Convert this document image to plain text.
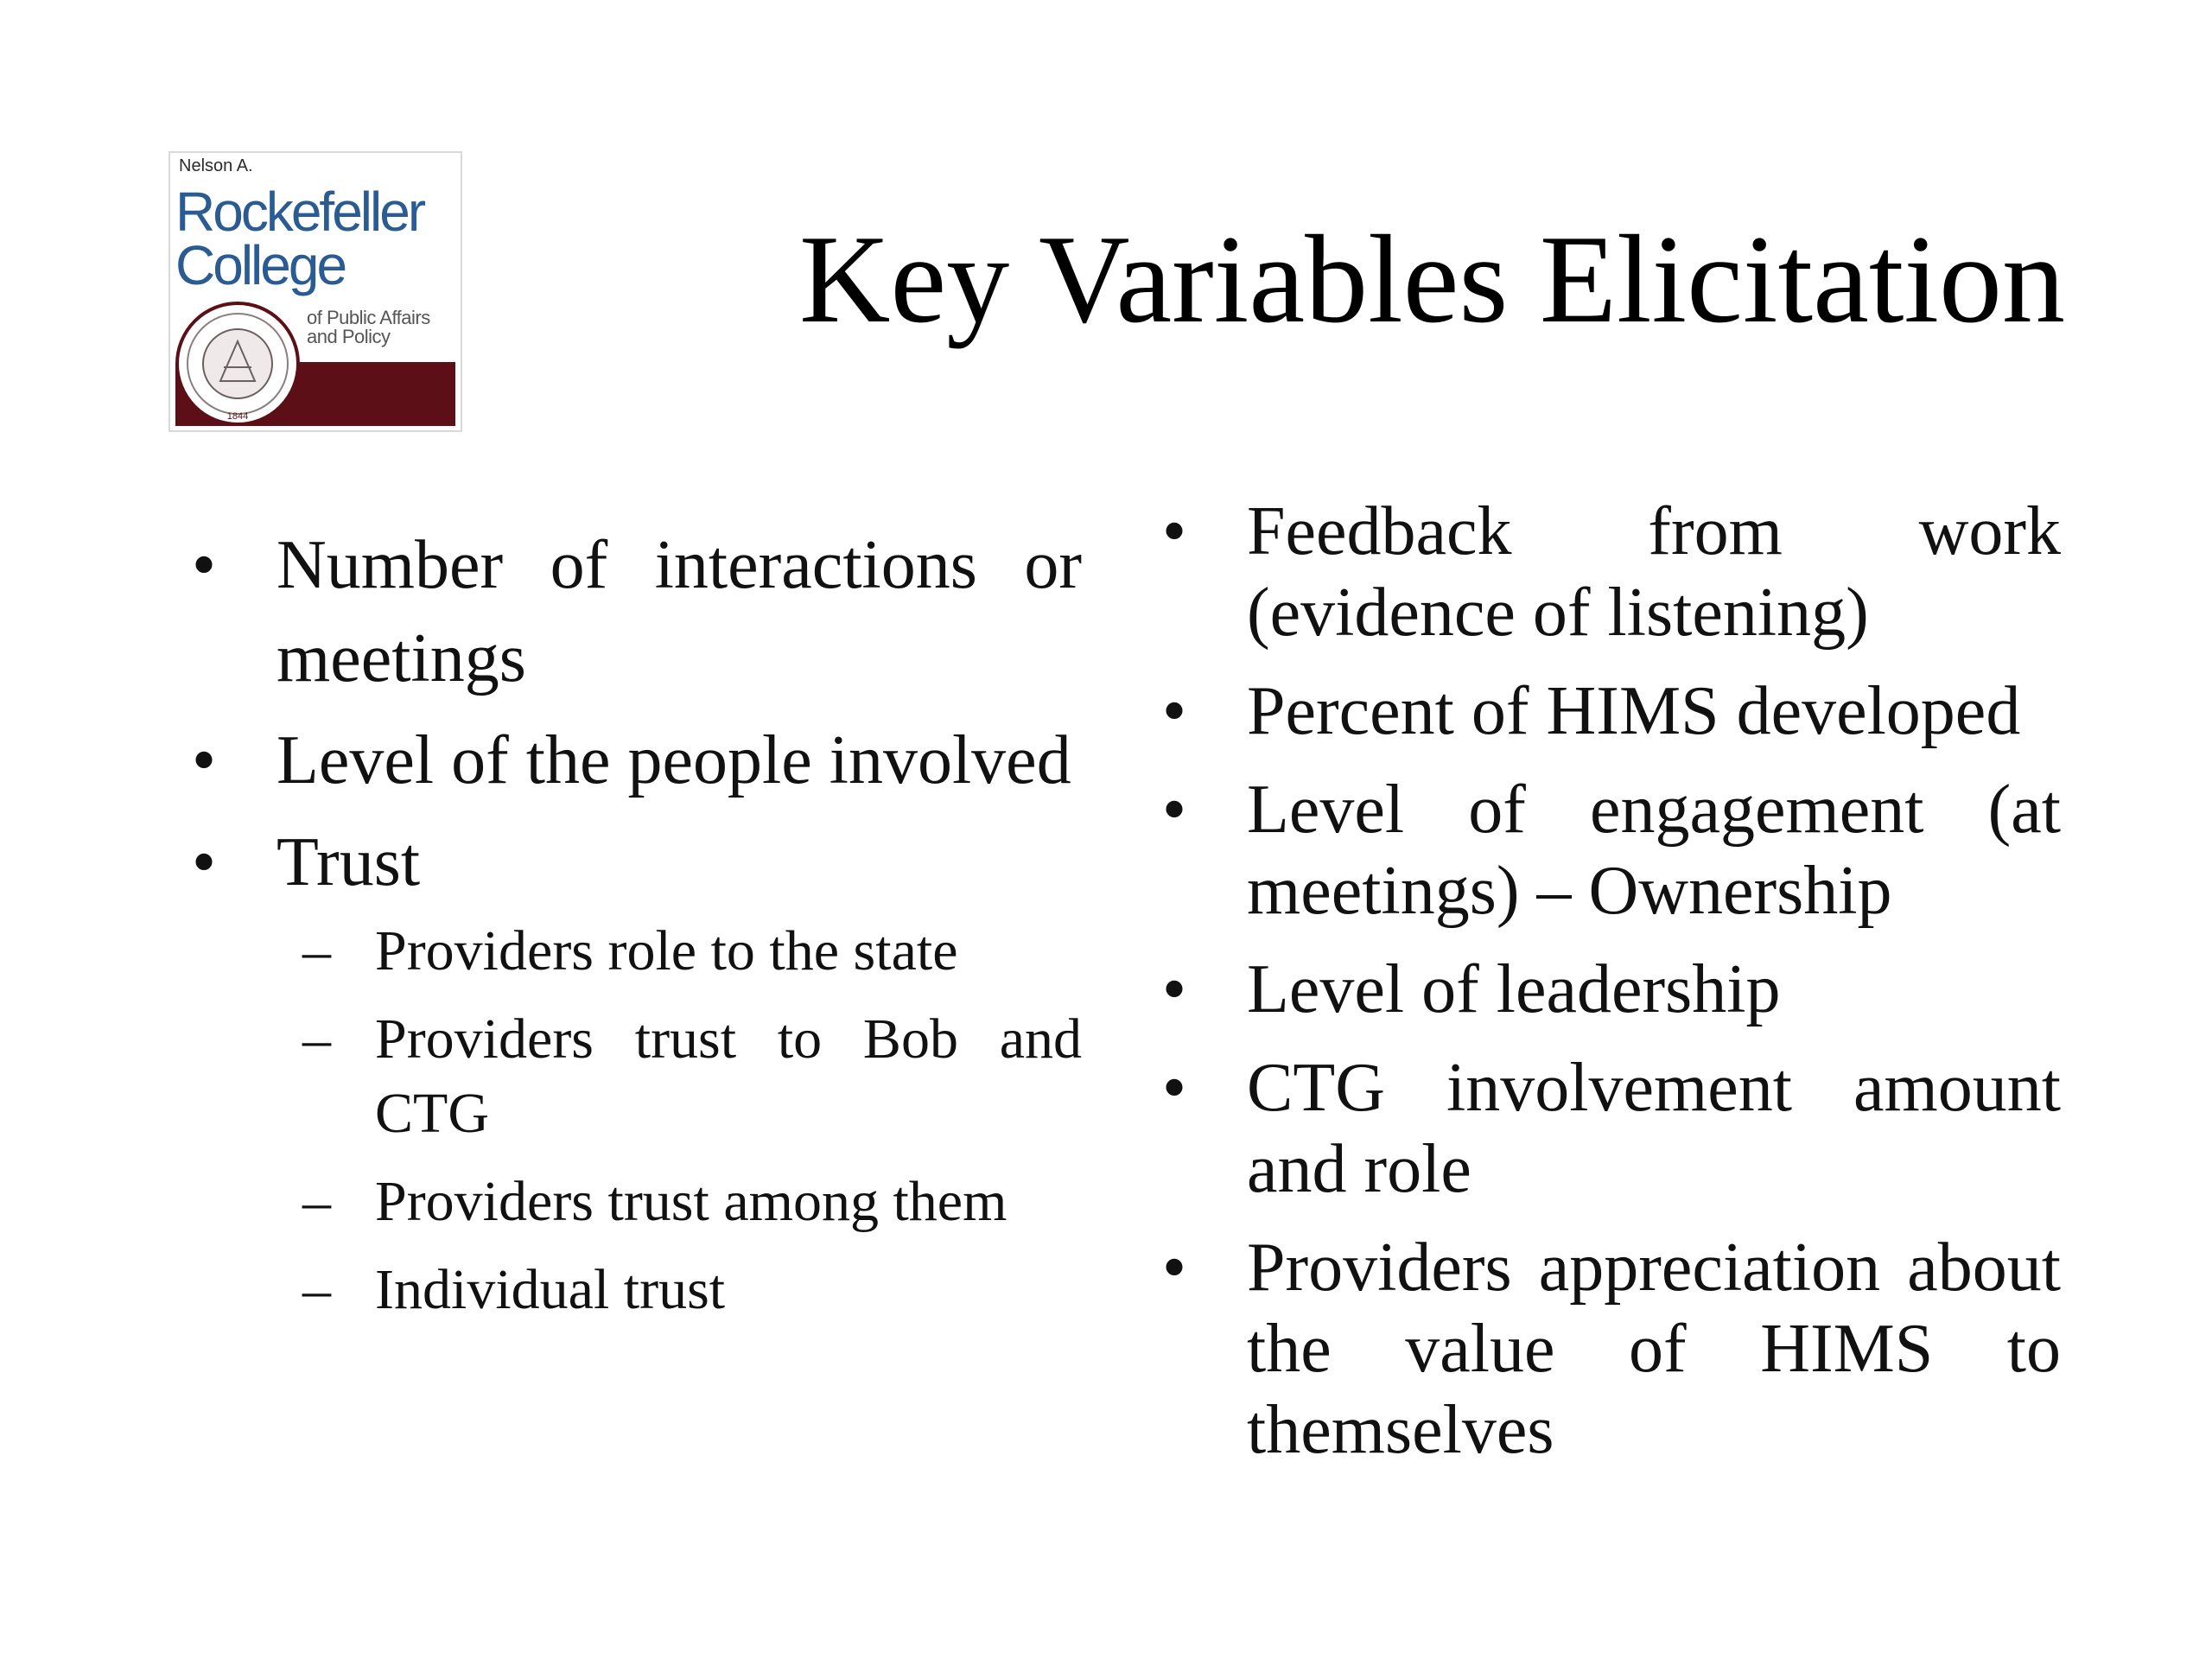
Nelson A.
Rockefeller
College
of Public Affairs and Policy
1844
Key Variables Elicitation
• Number of interactions or meetings
• Level of the people involved
• Trust
– Providers role to the state
– Providers trust to Bob and CTG
– Providers trust among them
– Individual trust
• Feedback from work (evidence of listening)
• Percent of HIMS developed
• Level of engagement (at meetings) – Ownership
• Level of leadership
• CTG involvement amount and role
• Providers appreciation about the value of HIMS to themselves
